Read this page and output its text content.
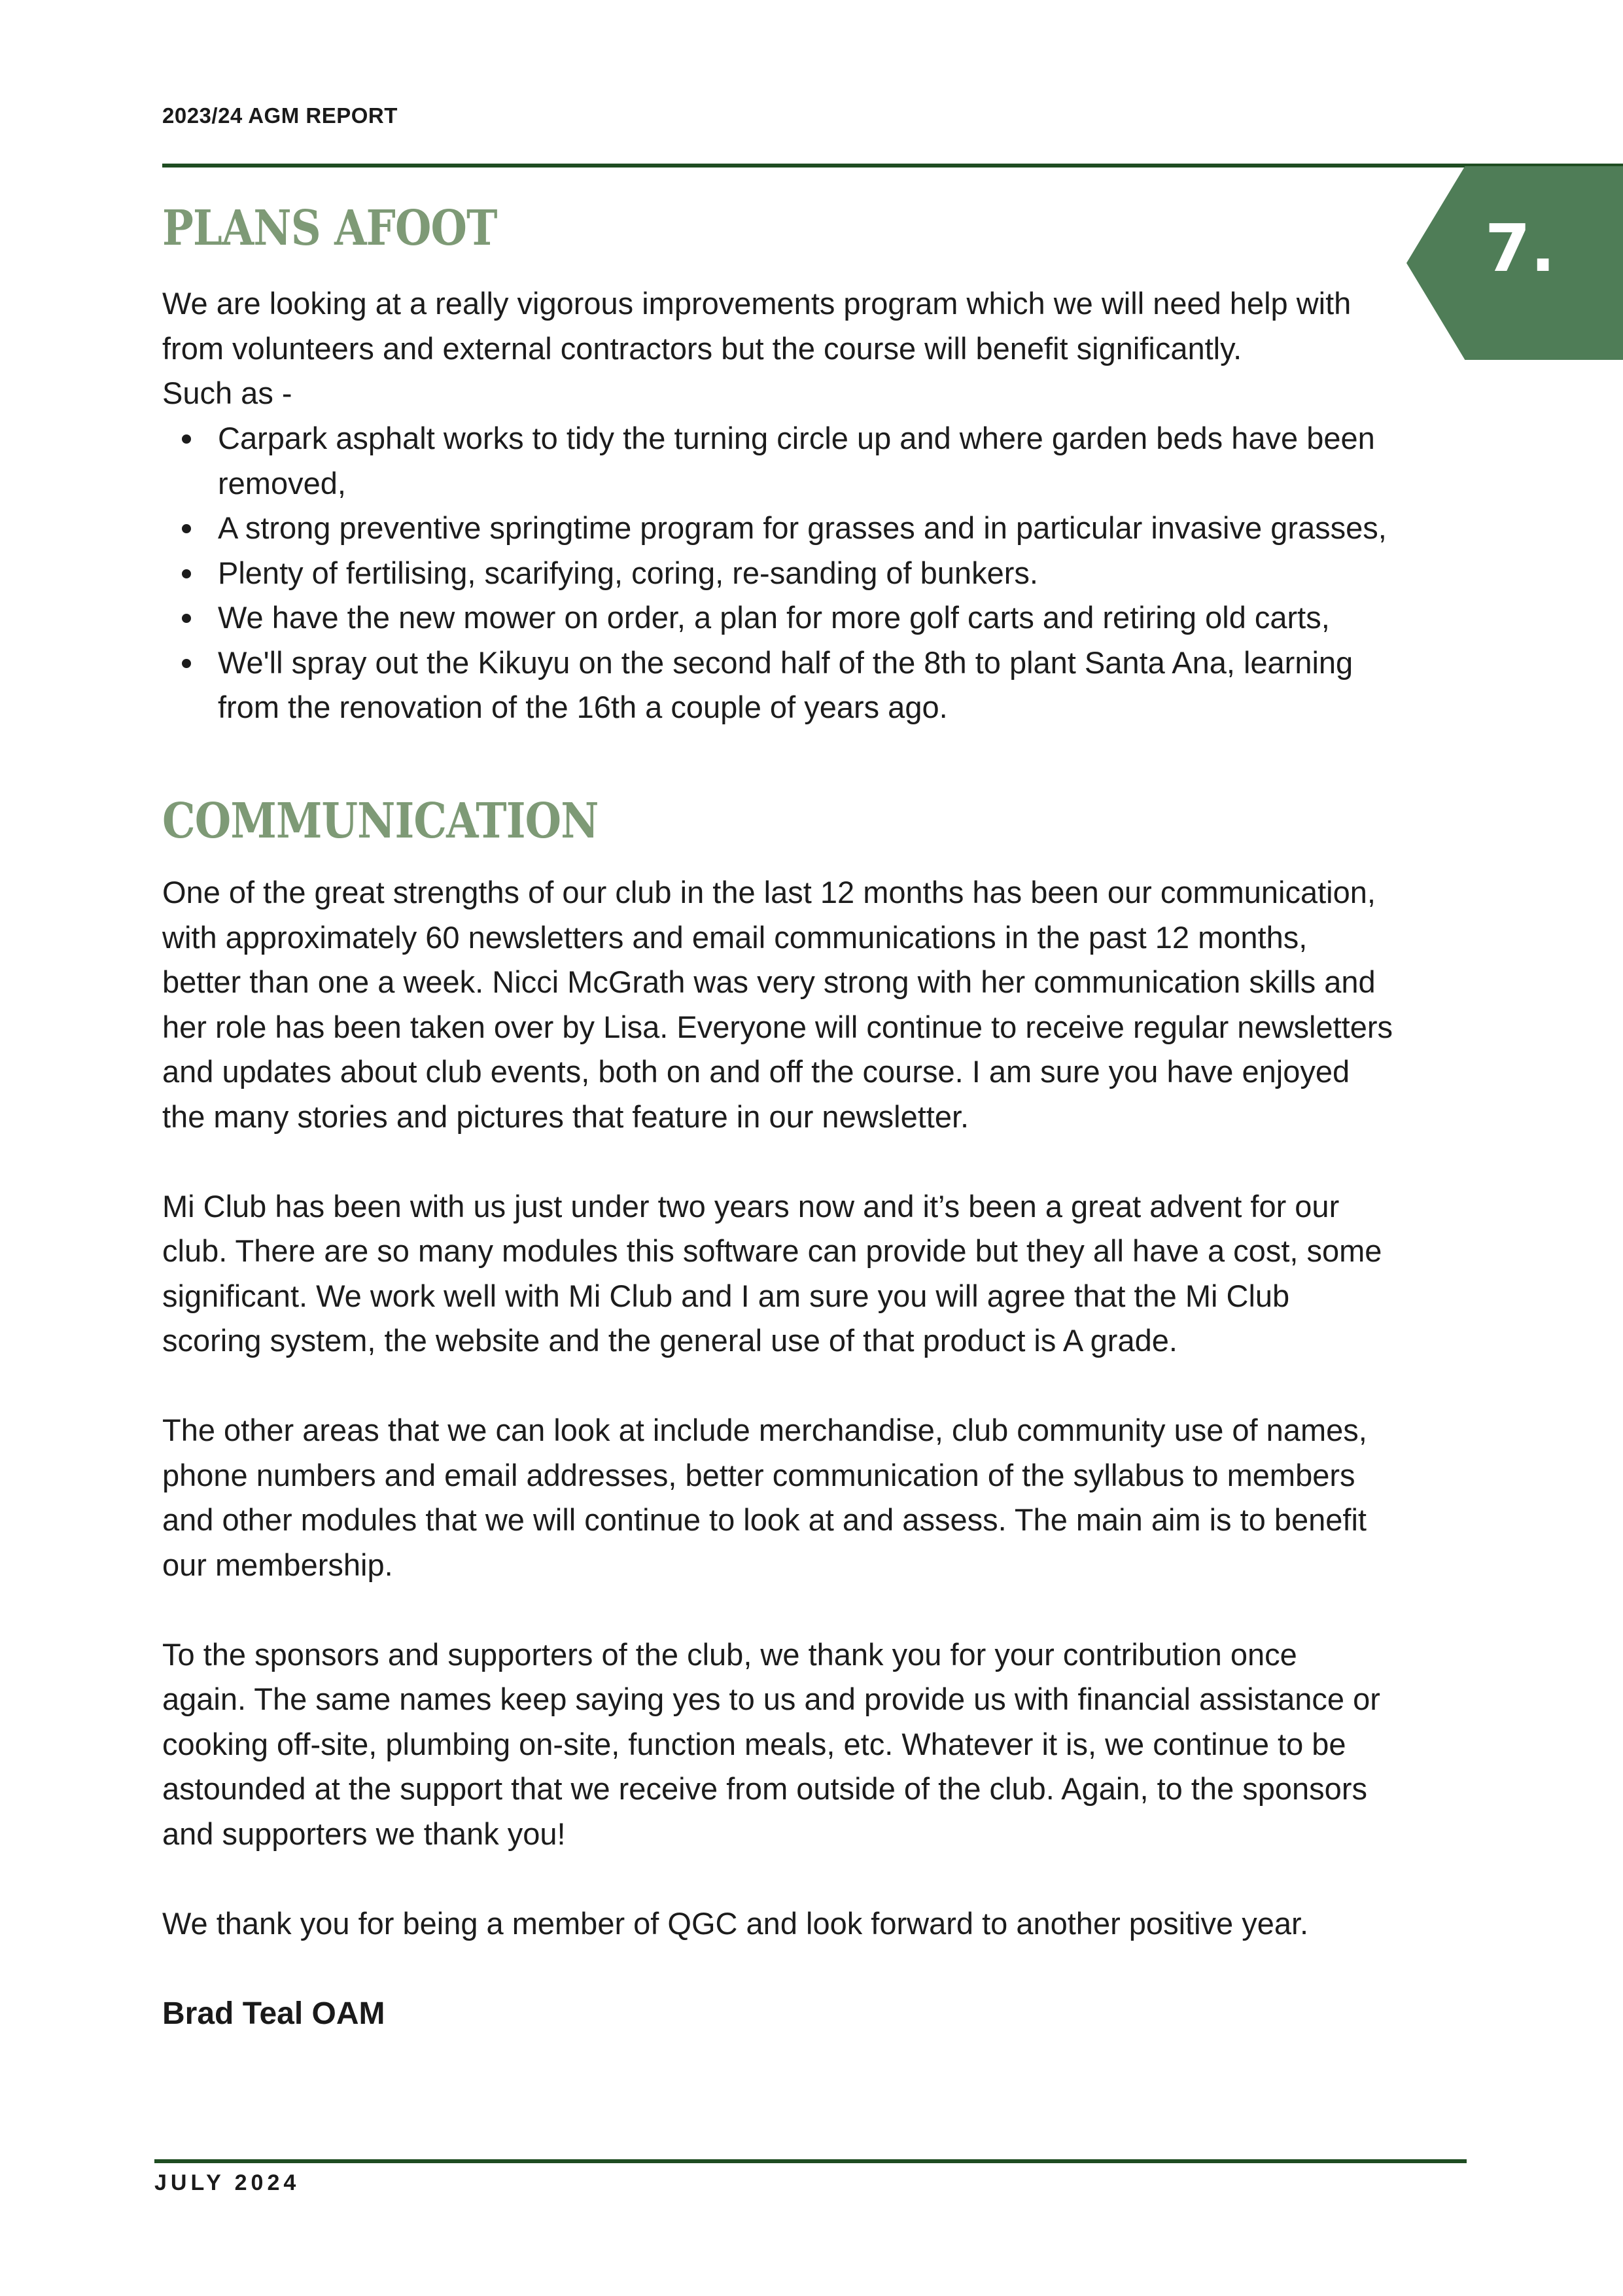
2023/24 AGM REPORT
7.
PLANS AFOOT
We are looking at a really vigorous improvements program which we will need help with
from volunteers and external contractors but the course will benefit significantly.
Such as -
Carpark asphalt works to tidy the turning circle up and where garden beds have been
removed,
A strong preventive springtime program for grasses and in particular invasive grasses,
Plenty of fertilising, scarifying, coring, re-sanding of bunkers.
We have the new mower on order, a plan for more golf carts and retiring old carts,
We'll spray out the Kikuyu on the second half of the 8th to plant Santa Ana, learning
from the renovation of the 16th a couple of years ago.
COMMUNICATION

One of the great strengths of our club in the last 12 months has been our communication,
with approximately 60 newsletters and email communications in the past 12 months,
better than one a week. Nicci McGrath was very strong with her communication skills and
her role has been taken over by Lisa. Everyone will continue to receive regular newsletters
and updates about club events, both on and off the course. I am sure you have enjoyed
the many stories and pictures that feature in our newsletter.

Mi Club has been with us just under two years now and it’s been a great advent for our
club. There are so many modules this software can provide but they all have a cost, some
significant. We work well with Mi Club and I am sure you will agree that the Mi Club
scoring system, the website and the general use of that product is A grade.

The other areas that we can look at include merchandise, club community use of names,
phone numbers and email addresses, better communication of the syllabus to members
and other modules that we will continue to look at and assess. The main aim is to benefit
our membership.

To the sponsors and supporters of the club, we thank you for your contribution once
again. The same names keep saying yes to us and provide us with financial assistance or
cooking off-site, plumbing on-site, function meals, etc. Whatever it is, we continue to be
astounded at the support that we receive from outside of the club. Again, to the sponsors
and supporters we thank you!

We thank you for being a member of QGC and look forward to another positive year.

Brad Teal OAM
JULY 2024
